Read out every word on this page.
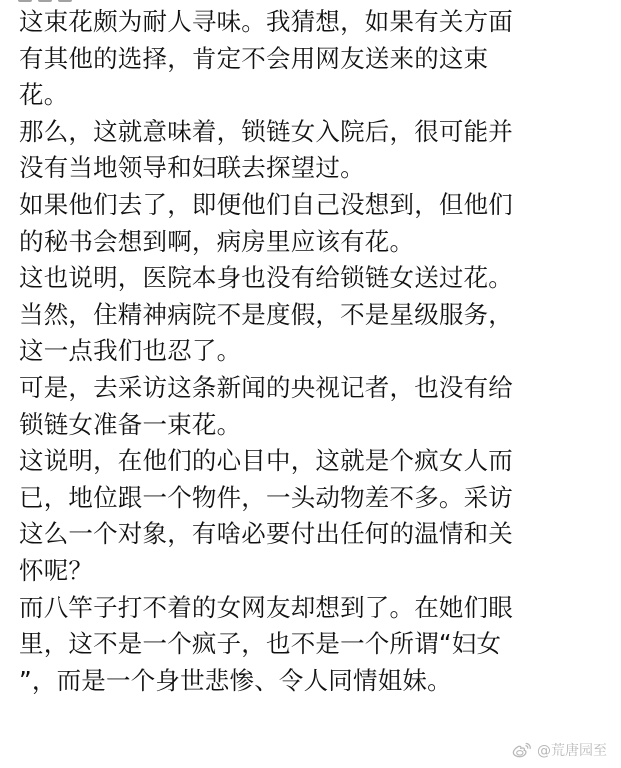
这束花颇为耐人寻味。我猜想，如果有关方面
有其他的选择，肯定不会用网友送来的这束
花。
那么，这就意味着，锁链女入院后，很可能并
没有当地领导和妇联去探望过。
如果他们去了，即便他们自己没想到，但他们
的秘书会想到啊，病房里应该有花。
这也说明，医院本身也没有给锁链女送过花。
当然，住精神病院不是度假，不是星级服务，
这一点我们也忍了。
可是，去采访这条新闻的央视记者，也没有给
锁链女准备一束花。
这说明，在他们的心目中，这就是个疯女人而
已，地位跟一个物件，一头动物差不多。采访
这么一个对象，有啥必要付出任何的温情和关
怀呢？
而八竿子打不着的女网友却想到了。在她们眼
里，这不是一个疯子，也不是一个所谓“妇女
”，而是一个身世悲惨、令人同情姐妹。
@荒唐园至
